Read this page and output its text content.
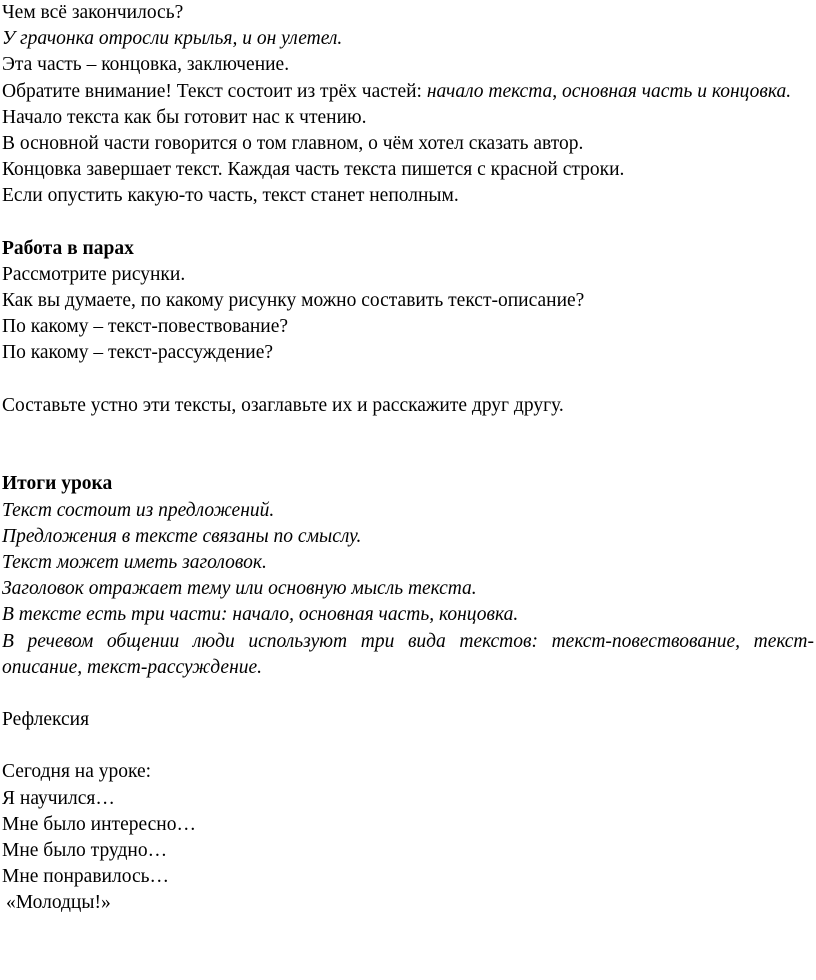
Чем всё закончилось?

У грачонка отросли крылья, и он улетел.

Эта часть – концовка, заключение.

Обратите внимание! Текст состоит из трёх частей: начало текста, основная часть и концовка.

Начало текста как бы готовит нас к чтению.

В основной части говорится о том главном, о чём хотел сказать автор.

Концовка завершает текст. Каждая часть текста пишется с красной строки.

Если опустить какую-то часть, текст станет неполным.

Работа в парах

Рассмотрите рисунки.

Как вы думаете, по какому рисунку можно составить текст-описание?

По какому – текст-повествование?

По какому – текст-рассуждение?

Составьте устно эти тексты, озаглавьте их и расскажите друг другу.

Итоги урока

Текст состоит из предложений.

Предложения в тексте связаны по смыслу.

Текст может иметь заголовок.

Заголовок отражает тему или основную мысль текста.

В тексте есть три части: начало, основная часть, концовка.

В речевом общении люди используют три вида текстов: текст-повествование, текст-описание, текст-рассуждение.

Рефлексия

Сегодня на уроке:

Я научился…

Мне было интересно…

Мне было трудно…

Мне понравилось…

«Молодцы!»
